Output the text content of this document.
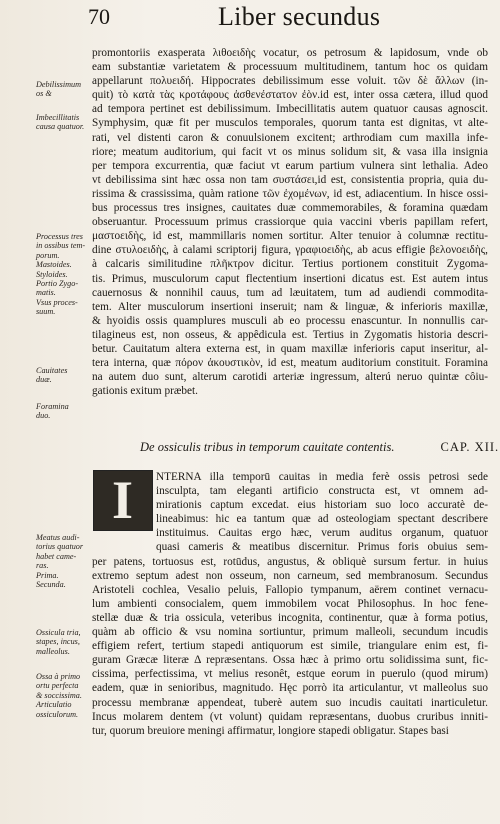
70	Liber secundus
Debilissimum
os &
Imbecillitatis
causa quatuor.
Processus tres
in ossibus tem-
porum.
Mastoides.
Styloides.
Portio Zygo-
matis.
Vsus proces-
suum.
Cauitates
duæ.
Foramina
duo.
Meatus audi-
torius quatuor
habet came-
ras.
Prima.
Secunda.
Ossicula tria,
stapes, incus,
malleolus.
Ossa à primo
ortu perfecta
& soccissima.
Articulatio
ossiculorum.
promontoriis exasperata λιθοειδὴς vocatur, os petrosum & lapidosum, vnde ob
eam substantiæ varietatem & processuum multitudinem, tantum hoc os quidam
appellarunt πολυειδή. Hippocrates debilissimum esse voluit. τῶν δὲ ἄλλων (in-
quit) τὸ κατὰ τὰς κροτάφους ἀσθενέστατον ἐὸν.id est, inter ossa cætera, illud quod
ad tempora pertinet est debilissimum. Imbecillitatis autem quatuor causas agnoscit.
Symphysim, quæ fit per musculos temporales, quorum tanta est dignitas, vt alte-
rati, vel distenti caron & conuulsionem excitent; arthrodiam cum maxilla infe-
riore; meatum auditorium, qui facit vt os minus solidum sit, & vasa illa insignia
per tempora excurrentia, quæ faciut vt earum partium vulnera sint lethalia. Adeo
vt debilissima sint hæc ossa non tam συστάσει,id est, consistentia propria, quia du-
rissima & crassissima, quàm ratione τῶν ἐχομένων, id est, adiacentium. In hisce ossi-
bus processus tres insignes, cauitates duæ commemorabiles, & foramina quædam
obseruantur. Processuum primus crassiorque quia vaccini vberis papillam refert,
μαστοειδὴς, id est, mammillaris nomen sortitur. Alter tenuior à columnæ rectitu-
dine στυλοειδὴς, à calami scriptorij figura, γραφιοειδὴς, ab acus effigie βελονοειδὴς,
à calcaris similitudine πλῆκτρον dicitur. Tertius portionem constituit Zygoma-
tis. Primus, musculorum caput flectentium insertioni dicatus est. Est autem intus
cauernosus & nonnihil cauus, tum ad læuitatem, tum ad audiendi commodita-
tem. Alter musculorum insertioni inseruit; nam & linguæ, & inferioris maxillæ,
& hyoidis ossis quamplures musculi ab eo processu enascuntur. In nonnullis car-
tilagineus est, non osseus, & appêdicula est. Tertius in Zygomatis historia descri-
betur. Cauitatum altera externa est, in quam maxillæ inferioris caput inseritur, al-
tera interna, quæ πόρον ἀκουστικὸν, id est, meatum auditorium constituit. Foramina
na autem duo sunt, alterum carotidi arteriæ ingressum, alterú neruo quintæ côiu-
gationis exitum præbet.
De ossiculis tribus in temporum cauitate contentis.	CAP. XII.
I	NTERNA illa temporū cauitas in media ferè ossis petrosi sede
insculpta, tam eleganti artificio constructa est, vt omnem ad-
mirationis captum excedat. eius historiam suo loco accuratè de-
lineabimus: hic ea tantum quæ ad osteologiam spectant describere
instituimus. Cauitas ergo hæc, verum auditus organum, quatuor
quasi cameris & meatibus discernitur. Primus foris obuius sem-
per patens, tortuosus est, rotūdus, angustus, & obliquè sursum fertur. in huius
extremo septum adest non osseum, non carneum, sed membranosum. Secundus
Aristoteli cochlea, Vesalio peluis, Fallopio tympanum, aërem continet vernacu-
lum ambienti consocialem, quem immobilem vocat Philosophus. In hoc fene-
stellæ duæ & tria ossicula, veteribus incognita, continentur, quæ à forma potius,
quàm ab officio & vsu nomina sortiuntur, primum malleoli, secundum incudis
effigiem refert, tertium stapedi antiquorum est simile, triangulare enim est, fi-
guram Græcæ literæ Δ repræsentans. Ossa hæc à primo ortu solidissima sunt, fic-
cissima, perfectissima, vt melius resonêt, estque eorum in puerulo (quod mirum)
eadem, quæ in senioribus, magnitudo. Hęc porrò ita articulantur, vt malleolus suo
processu membranæ appendeat, tuberè autem suo incudis cauitati inarticuletur.
Incus molarem dentem (vt volunt) quidam repræsentans, duobus cruribus inniti-
tur, quorum breuiore meningi affirmatur, longiore stapedi obligatur. Stapes basi
